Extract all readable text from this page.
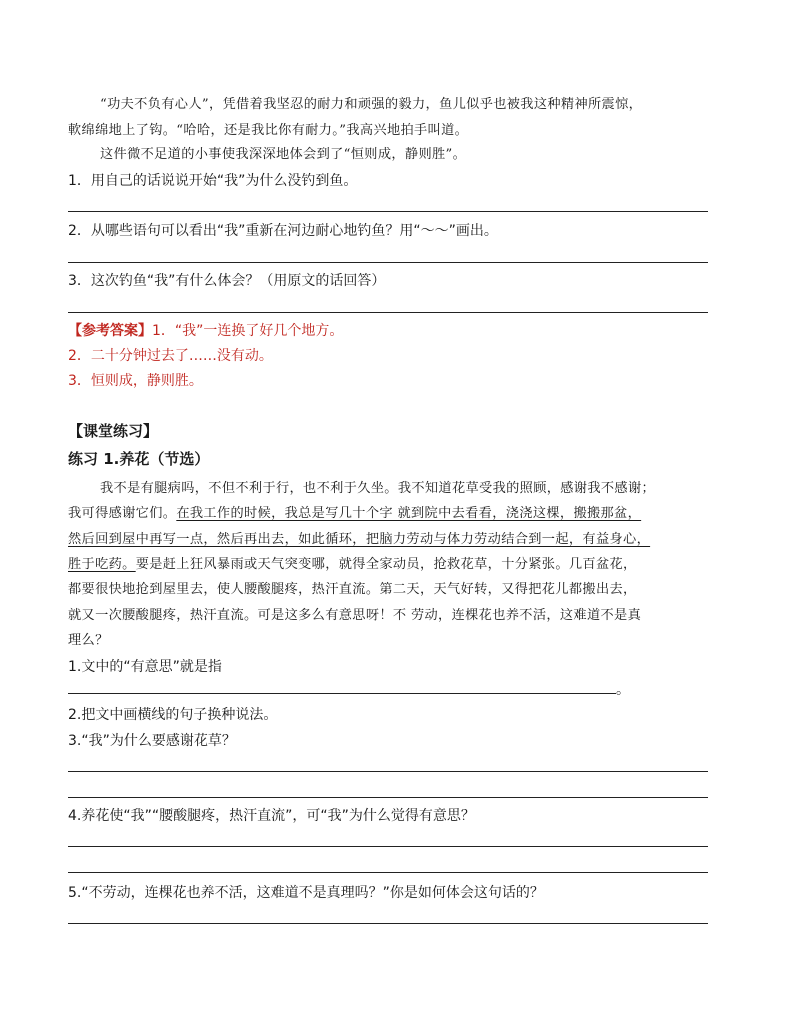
“功夫不负有心人”，凭借着我坚忍的耐力和顽强的毅力，鱼儿似乎也被我这种精神所震惊，
軟绵绵地上了钩。“哈哈，还是我比你有耐力。”我高兴地拍手叫道。
这件微不足道的小事使我深深地体会到了“恒则成，静则胜”。
1．用自己的话说说开始“我”为什么没钓到鱼。
2．从哪些语句可以看出“我”重新在河边耐心地钓鱼？用“～～”画出。
3．这次钓鱼“我”有什么体会？（用原文的话回答）
【参考答案】1．“我”一连换了好几个地方。
2．二十分钟过去了……没有动。
3．恒则成，静则胜。
【课堂练习】
练习 1.养花（节选）
我不是有腿病吗，不但不利于行，也不利于久坐。我不知道花草受我的照顾，感谢我不感谢；
我可得感谢它们。在我工作的时候，我总是写几十个字 就到院中去看看，浇浇这棵，搬搬那盆，
然后回到屋中再写一点，然后再出去，如此循环，把脑力劳动与体力劳动结合到一起，有益身心，
胜于吃药。要是赶上狂风暴雨或天气突变哪，就得全家动员，抢救花草，十分紧张。几百盆花，
都要很快地抢到屋里去，使人腰酸腿疼，热汗直流。第二天，天气好转，又得把花儿都搬出去，
就又一次腰酸腿疼，热汗直流。可是这多么有意思呀！不 劳动，连棵花也养不活，这难道不是真
理么？
1.文中的“有意思”就是指
。
2.把文中画横线的句子换种说法。
3.“我”为什么要感谢花草？
4.养花使“我”“腰酸腿疼，热汗直流”，可“我”为什么觉得有意思？
5.“不劳动，连棵花也养不活，这难道不是真理吗？”你是如何体会这句话的？
